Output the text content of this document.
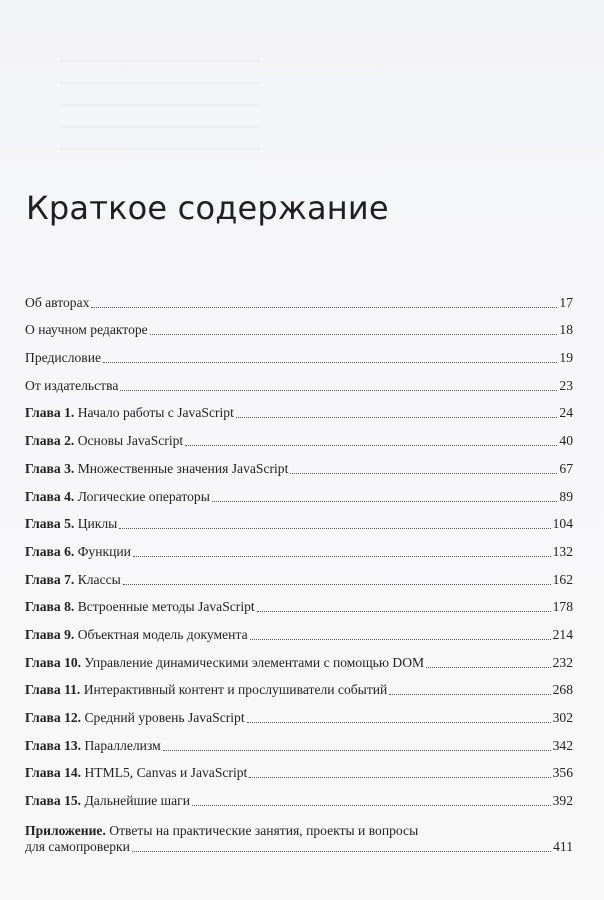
Краткое содержание
Об авторах	17
О научном редакторе	18
Предисловие	19
От издательства	23
Глава 1. Начало работы с JavaScript	24
Глава 2. Основы JavaScript	40
Глава 3. Множественные значения JavaScript	67
Глава 4. Логические операторы	89
Глава 5. Циклы	104
Глава 6. Функции	132
Глава 7. Классы	162
Глава 8. Встроенные методы JavaScript	178
Глава 9. Объектная модель документа	214
Глава 10. Управление динамическими элементами с помощью DOM	232
Глава 11. Интерактивный контент и прослушиватели событий	268
Глава 12. Средний уровень JavaScript	302
Глава 13. Параллелизм	342
Глава 14. HTML5, Canvas и JavaScript	356
Глава 15. Дальнейшие шаги	392
Приложение. Ответы на практические занятия, проекты и вопросы
для самопроверки	411
